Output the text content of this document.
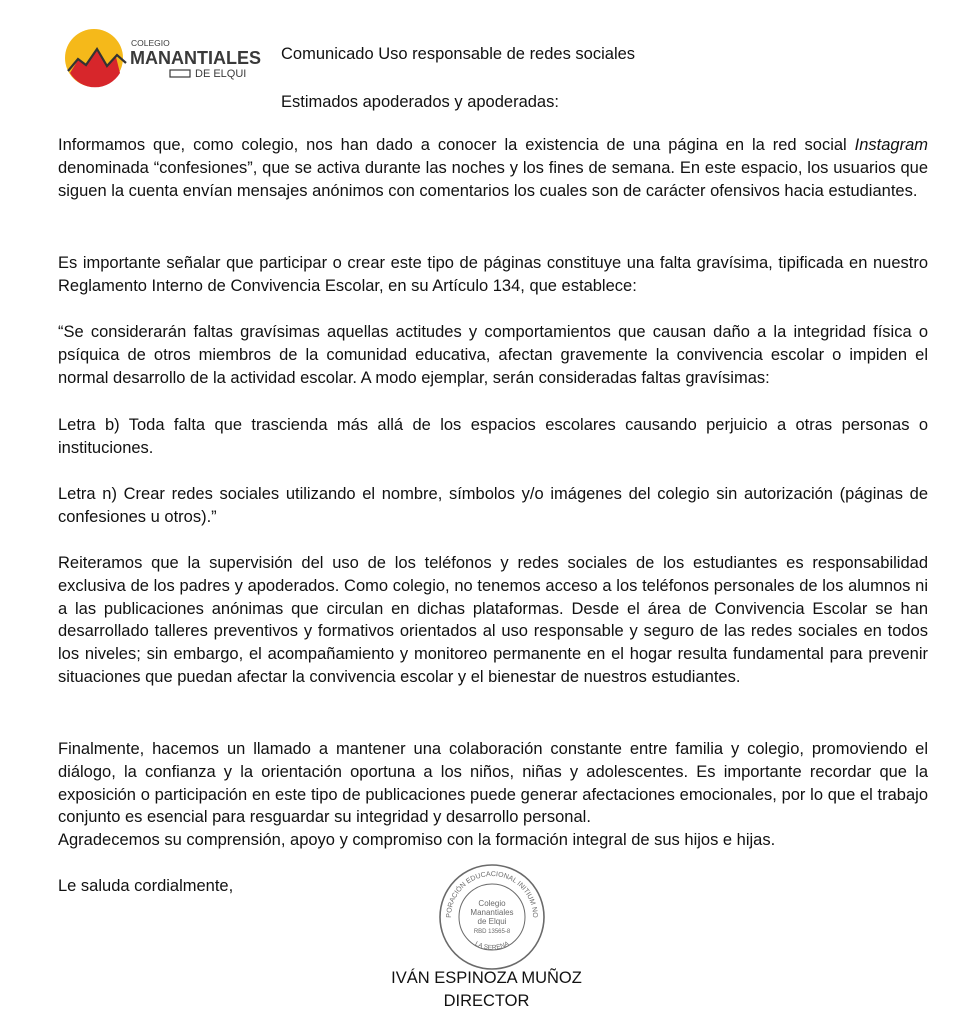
COLEGIO
MANANTIALES
DE ELQUI
Comunicado Uso responsable de redes sociales
Estimados apoderados y apoderadas:

Informamos que, como colegio, nos han dado a conocer la existencia de una página en la red social Instagram denominada “confesiones”, que se activa durante las noches y los fines de semana. En este espacio, los usuarios que siguen la cuenta envían mensajes anónimos con comentarios los cuales son de carácter ofensivos hacia estudiantes.

Es importante señalar que participar o crear este tipo de páginas constituye una falta gravísima, tipificada en nuestro Reglamento Interno de Convivencia Escolar, en su Artículo 134, que establece:

“Se considerarán faltas gravísimas aquellas actitudes y comportamientos que causan daño a la integridad física o psíquica de otros miembros de la comunidad educativa, afectan gravemente la convivencia escolar o impiden el normal desarrollo de la actividad escolar. A modo ejemplar, serán consideradas faltas gravísimas:

Letra b) Toda falta que trascienda más allá de los espacios escolares causando perjuicio a otras personas o instituciones.

Letra n) Crear redes sociales utilizando el nombre, símbolos y/o imágenes del colegio sin autorización (páginas de confesiones u otros).”

Reiteramos que la supervisión del uso de los teléfonos y redes sociales de los estudiantes es responsabilidad exclusiva de los padres y apoderados. Como colegio, no tenemos acceso a los teléfonos personales de los alumnos ni a las publicaciones anónimas que circulan en dichas plataformas. Desde el área de Convivencia Escolar se han desarrollado talleres preventivos y formativos orientados al uso responsable y seguro de las redes sociales en todos los niveles; sin embargo, el acompañamiento y monitoreo permanente en el hogar resulta fundamental para prevenir situaciones que puedan afectar la convivencia escolar y el bienestar de nuestros estudiantes.

Finalmente, hacemos un llamado a mantener una colaboración constante entre familia y colegio, promoviendo el diálogo, la confianza y la orientación oportuna a los niños, niñas y adolescentes. Es importante recordar que la exposición o participación en este tipo de publicaciones puede generar afectaciones emocionales, por lo que el trabajo conjunto es esencial para resguardar su integridad y desarrollo personal.

Agradecemos su comprensión, apoyo y compromiso con la formación integral de sus hijos e hijas.

Le saluda cordialmente,

PORACIÓN EDUCACIONAL INITIUM NO
Colegio
Manantiales
de Elqui
RBD 13565-8
LA SERENA
IVÁN ESPINOZA MUÑOZ
DIRECTOR
